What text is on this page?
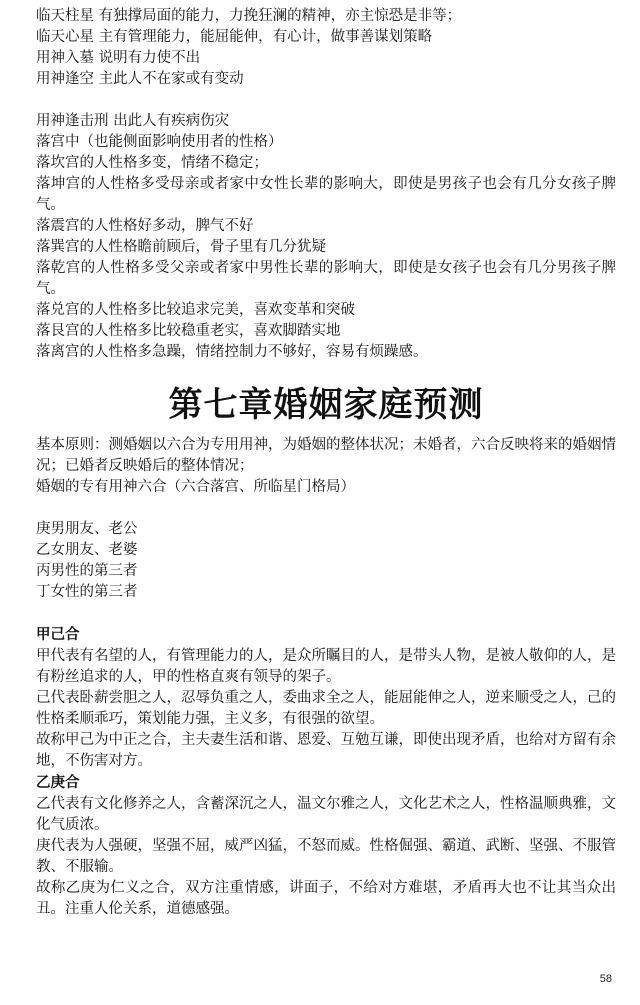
临天柱星 有独撑局面的能力，力挽狂澜的精神，亦主惊恐是非等；

临天心星 主有管理能力，能屈能伸，有心计，做事善谋划策略

用神入墓 说明有力使不出

用神逢空 主此人不在家或有变动

用神逢击刑 出此人有疾病伤灾

落宫中（也能侧面影响使用者的性格）

落坎宫的人性格多变，情绪不稳定；

落坤宫的人性格多受母亲或者家中女性长辈的影响大，即使是男孩子也会有几分女孩子脾气。

落震宫的人性格好多动，脾气不好

落巽宫的人性格瞻前顾后，骨子里有几分犹疑

落乾宫的人性格多受父亲或者家中男性长辈的影响大，即使是女孩子也会有几分男孩子脾气。

落兑宫的人性格多比较追求完美，喜欢变革和突破

落艮宫的人性格多比较稳重老实，喜欢脚踏实地

落离宫的人性格多急躁，情绪控制力不够好，容易有烦躁感。

第七章婚姻家庭预测

基本原则：测婚姻以六合为专用用神，为婚姻的整体状况；未婚者，六合反映将来的婚姻情况；已婚者反映婚后的整体情况；

婚姻的专有用神六合（六合落宫、所临星门格局）

庚男朋友、老公

乙女朋友、老婆

丙男性的第三者

丁女性的第三者

甲己合

甲代表有名望的人，有管理能力的人，是众所瞩目的人，是带头人物，是被人敬仰的人，是有粉丝追求的人，甲的性格直爽有领导的架子。

己代表卧薪尝胆之人，忍辱负重之人，委曲求全之人，能屈能伸之人，逆来顺受之人，己的性格柔顺乖巧，策划能力强，主义多，有很强的欲望。

故称甲己为中正之合，主夫妻生活和谐、恩爱、互勉互谦，即使出现矛盾，也给对方留有余地，不伤害对方。

乙庚合

乙代表有文化修养之人，含蓄深沉之人，温文尔雅之人，文化艺术之人，性格温顺典雅，文化气质浓。

庚代表为人强硬，坚强不屈，威严凶猛，不怒而威。性格倔强、霸道、武断、坚强、不服管教、不服输。

故称乙庚为仁义之合，双方注重情感，讲面子，不给对方难堪，矛盾再大也不让其当众出丑。注重人伦关系，道德感强。

58
